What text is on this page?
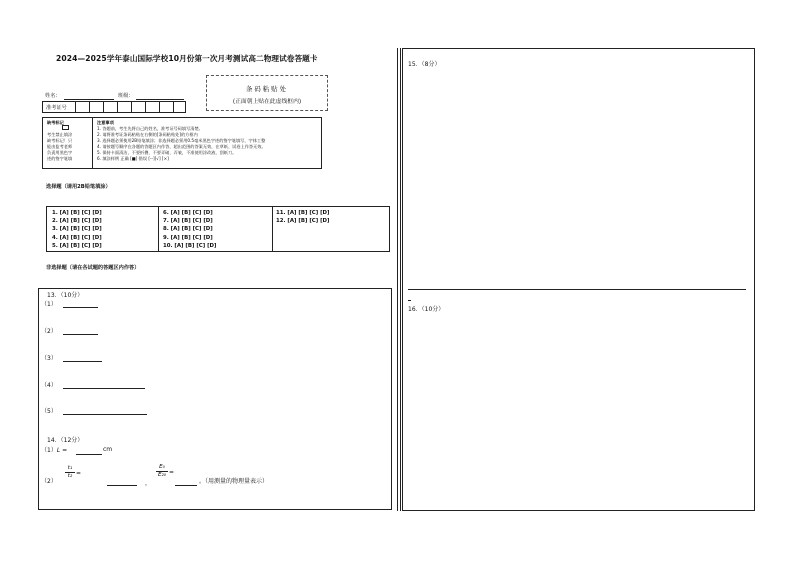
2024—2025学年泰山国际学校10月份第一次月考测试高二物理试卷答题卡
姓名：	班级：
准考证号
条码粘贴处
(正面朝上贴在此虚线框内)
缺考标记
考生禁止填涂
缺考标记！只
能由监考老师
负责用黑色字
迹的签字笔填
注意事项
1. 答题前，考生先将自己的姓名，准考证号码填写清楚。
2. 请将准考证条码粘贴在右侧的[条码粘贴处]的方框内
3. 选择题必须使用2B铅笔填涂；非选择题必须用0.5毫米黑色字迹的签字笔填写，字体工整
4. 请按题号顺序在各题的答题区内作答，超出范围的答案无效，在草纸、试卷上作答无效。
5. 保持卡面清洁，不要折叠、不要弄破、弄皱，不准使用涂改液、刮纸刀。
6. 填涂样例 正确 [■] 错误 [--][√] [×]
选择题（请用2B铅笔填涂）
1. [A] [B] [C] [D]
2. [A] [B] [C] [D]
3. [A] [B] [C] [D]
4. [A] [B] [C] [D]
5. [A] [B] [C] [D]
6. [A] [B] [C] [D]
7. [A] [B] [C] [D]
8. [A] [B] [C] [D]
9. [A] [B] [C] [D]
10. [A] [B] [C] [D]
11. [A] [B] [C] [D]
12. [A] [B] [C] [D]
非选择题（请在各试题的答题区内作答）
13．（10分）
（1）
（2）
（3）
（4）
（5）
14．（12分）
（1）L =	cm
（2）
$\frac{\text{t₁}}{\text{t₂}}$ =
，
$\frac{\text{E₀}}{\text{E₂₀}}$ =
。（用测量的物理量表示）
15．（8分）
16．（10分）
